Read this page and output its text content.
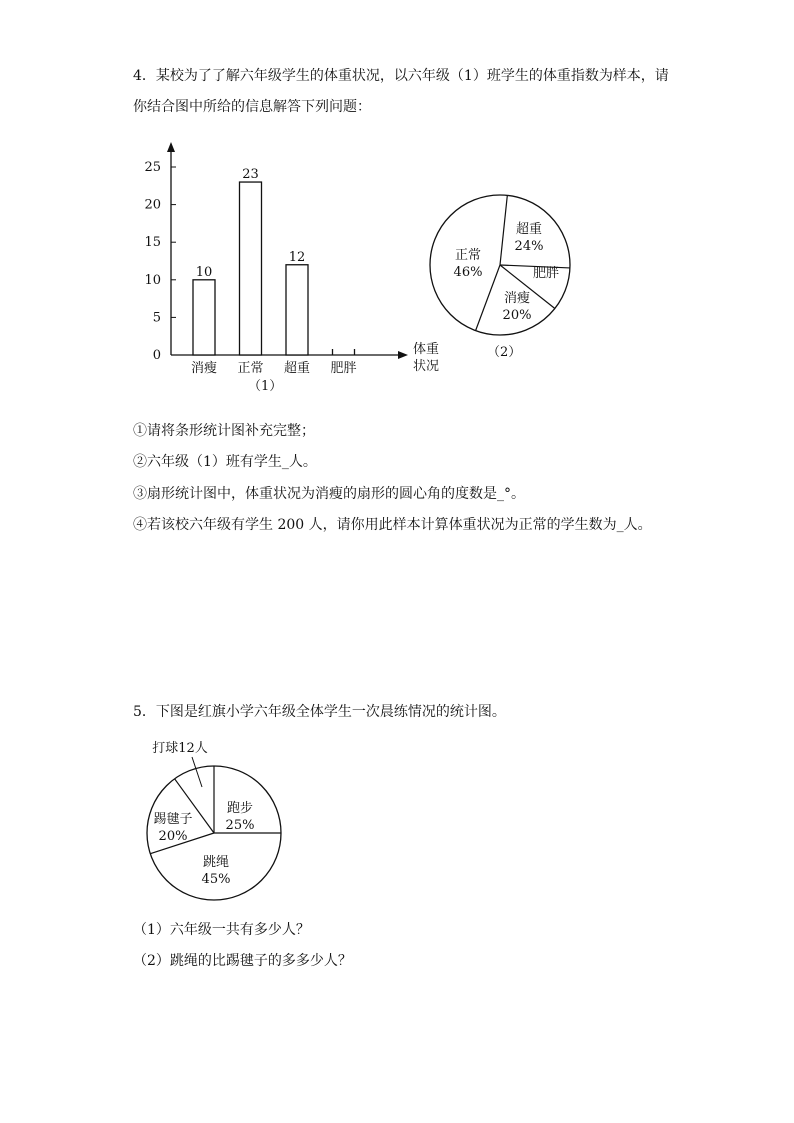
4．某校为了了解六年级学生的体重状况，以六年级（1）班学生的体重指数为样本，请
你结合图中所给的信息解答下列问题：
0
5
10
15
20
25
10
消瘦
23
正常
12
超重 肥胖
体重
状况
（1）
超重
24%
肥胖
消瘦
20%
正常
46%
（2）
①请将条形统计图补充完整；
②六年级（1）班有学生_人。
③扇形统计图中，体重状况为消瘦的扇形的圆心角的度数是_°。
④若该校六年级有学生 200 人，请你用此样本计算体重状况为正常的学生数为_人。
5．下图是红旗小学六年级全体学生一次晨练情况的统计图。
跑步
25%
跳绳
45%
踢毽子
20%
打球12人
（1）六年级一共有多少人？
（2）跳绳的比踢毽子的多多少人？
